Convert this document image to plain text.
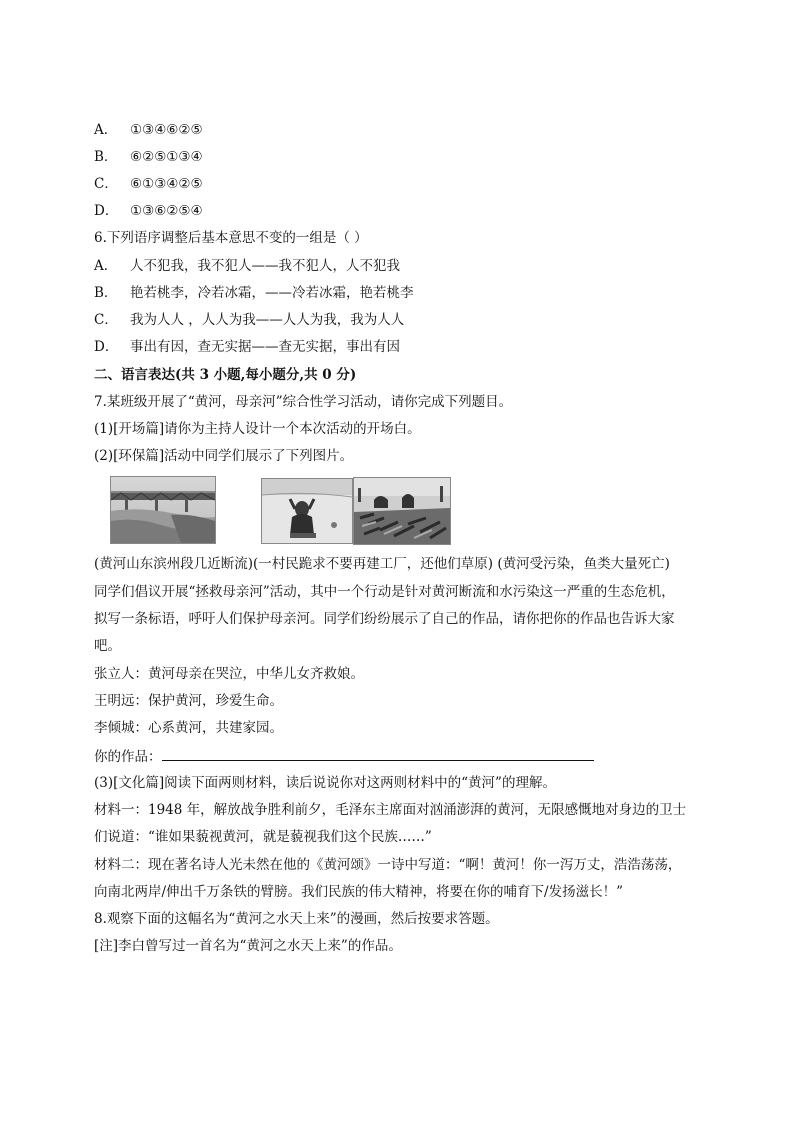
A． ①③④⑥②⑤
B． ⑥②⑤①③④
C． ⑥①③④②⑤
D． ①③⑥②⑤④
6.下列语序调整后基本意思不变的一组是（ ）
A． 人不犯我，我不犯人——我不犯人，人不犯我
B． 艳若桃李，冷若冰霜，——冷若冰霜，艳若桃李
C． 我为人人 ，人人为我——人人为我，我为人人
D． 事出有因，查无实据——查无实据，事出有因
二、语言表达(共 3 小题,每小题分,共 0 分)
7.某班级开展了“黄河，母亲河”综合性学习活动，请你完成下列题目。
(1)[开场篇]请你为主持人设计一个本次活动的开场白。
(2)[环保篇]活动中同学们展示了下列图片。
(黄河山东滨州段几近断流)(一村民跪求不要再建工厂，还他们草原) (黄河受污染，鱼类大量死亡)
同学们倡议开展“拯救母亲河”活动，其中一个行动是针对黄河断流和水污染这一严重的生态危机，
拟写一条标语，呼吁人们保护母亲河。同学们纷纷展示了自己的作品，请你把你的作品也告诉大家
吧。
张立人：黄河母亲在哭泣，中华儿女齐救娘。
王明远：保护黄河，珍爱生命。
李倾城：心系黄河，共建家园。
你的作品：
(3)[文化篇]阅读下面两则材料，读后说说你对这两则材料中的“黄河”的理解。
材料一：1948 年，解放战争胜利前夕，毛泽东主席面对汹涌澎湃的黄河，无限感慨地对身边的卫士
们说道：“谁如果藐视黄河，就是藐视我们这个民族……”
材料二：现在著名诗人光未然在他的《黄河颂》一诗中写道：“啊！黄河！你一泻万丈，浩浩荡荡，
向南北两岸/伸出千万条铁的臂膀。我们民族的伟大精神，将要在你的哺育下/发扬滋长！”
8.观察下面的这幅名为“黄河之水天上来”的漫画，然后按要求答题。
[注]李白曾写过一首名为“黄河之水天上来”的作品。
